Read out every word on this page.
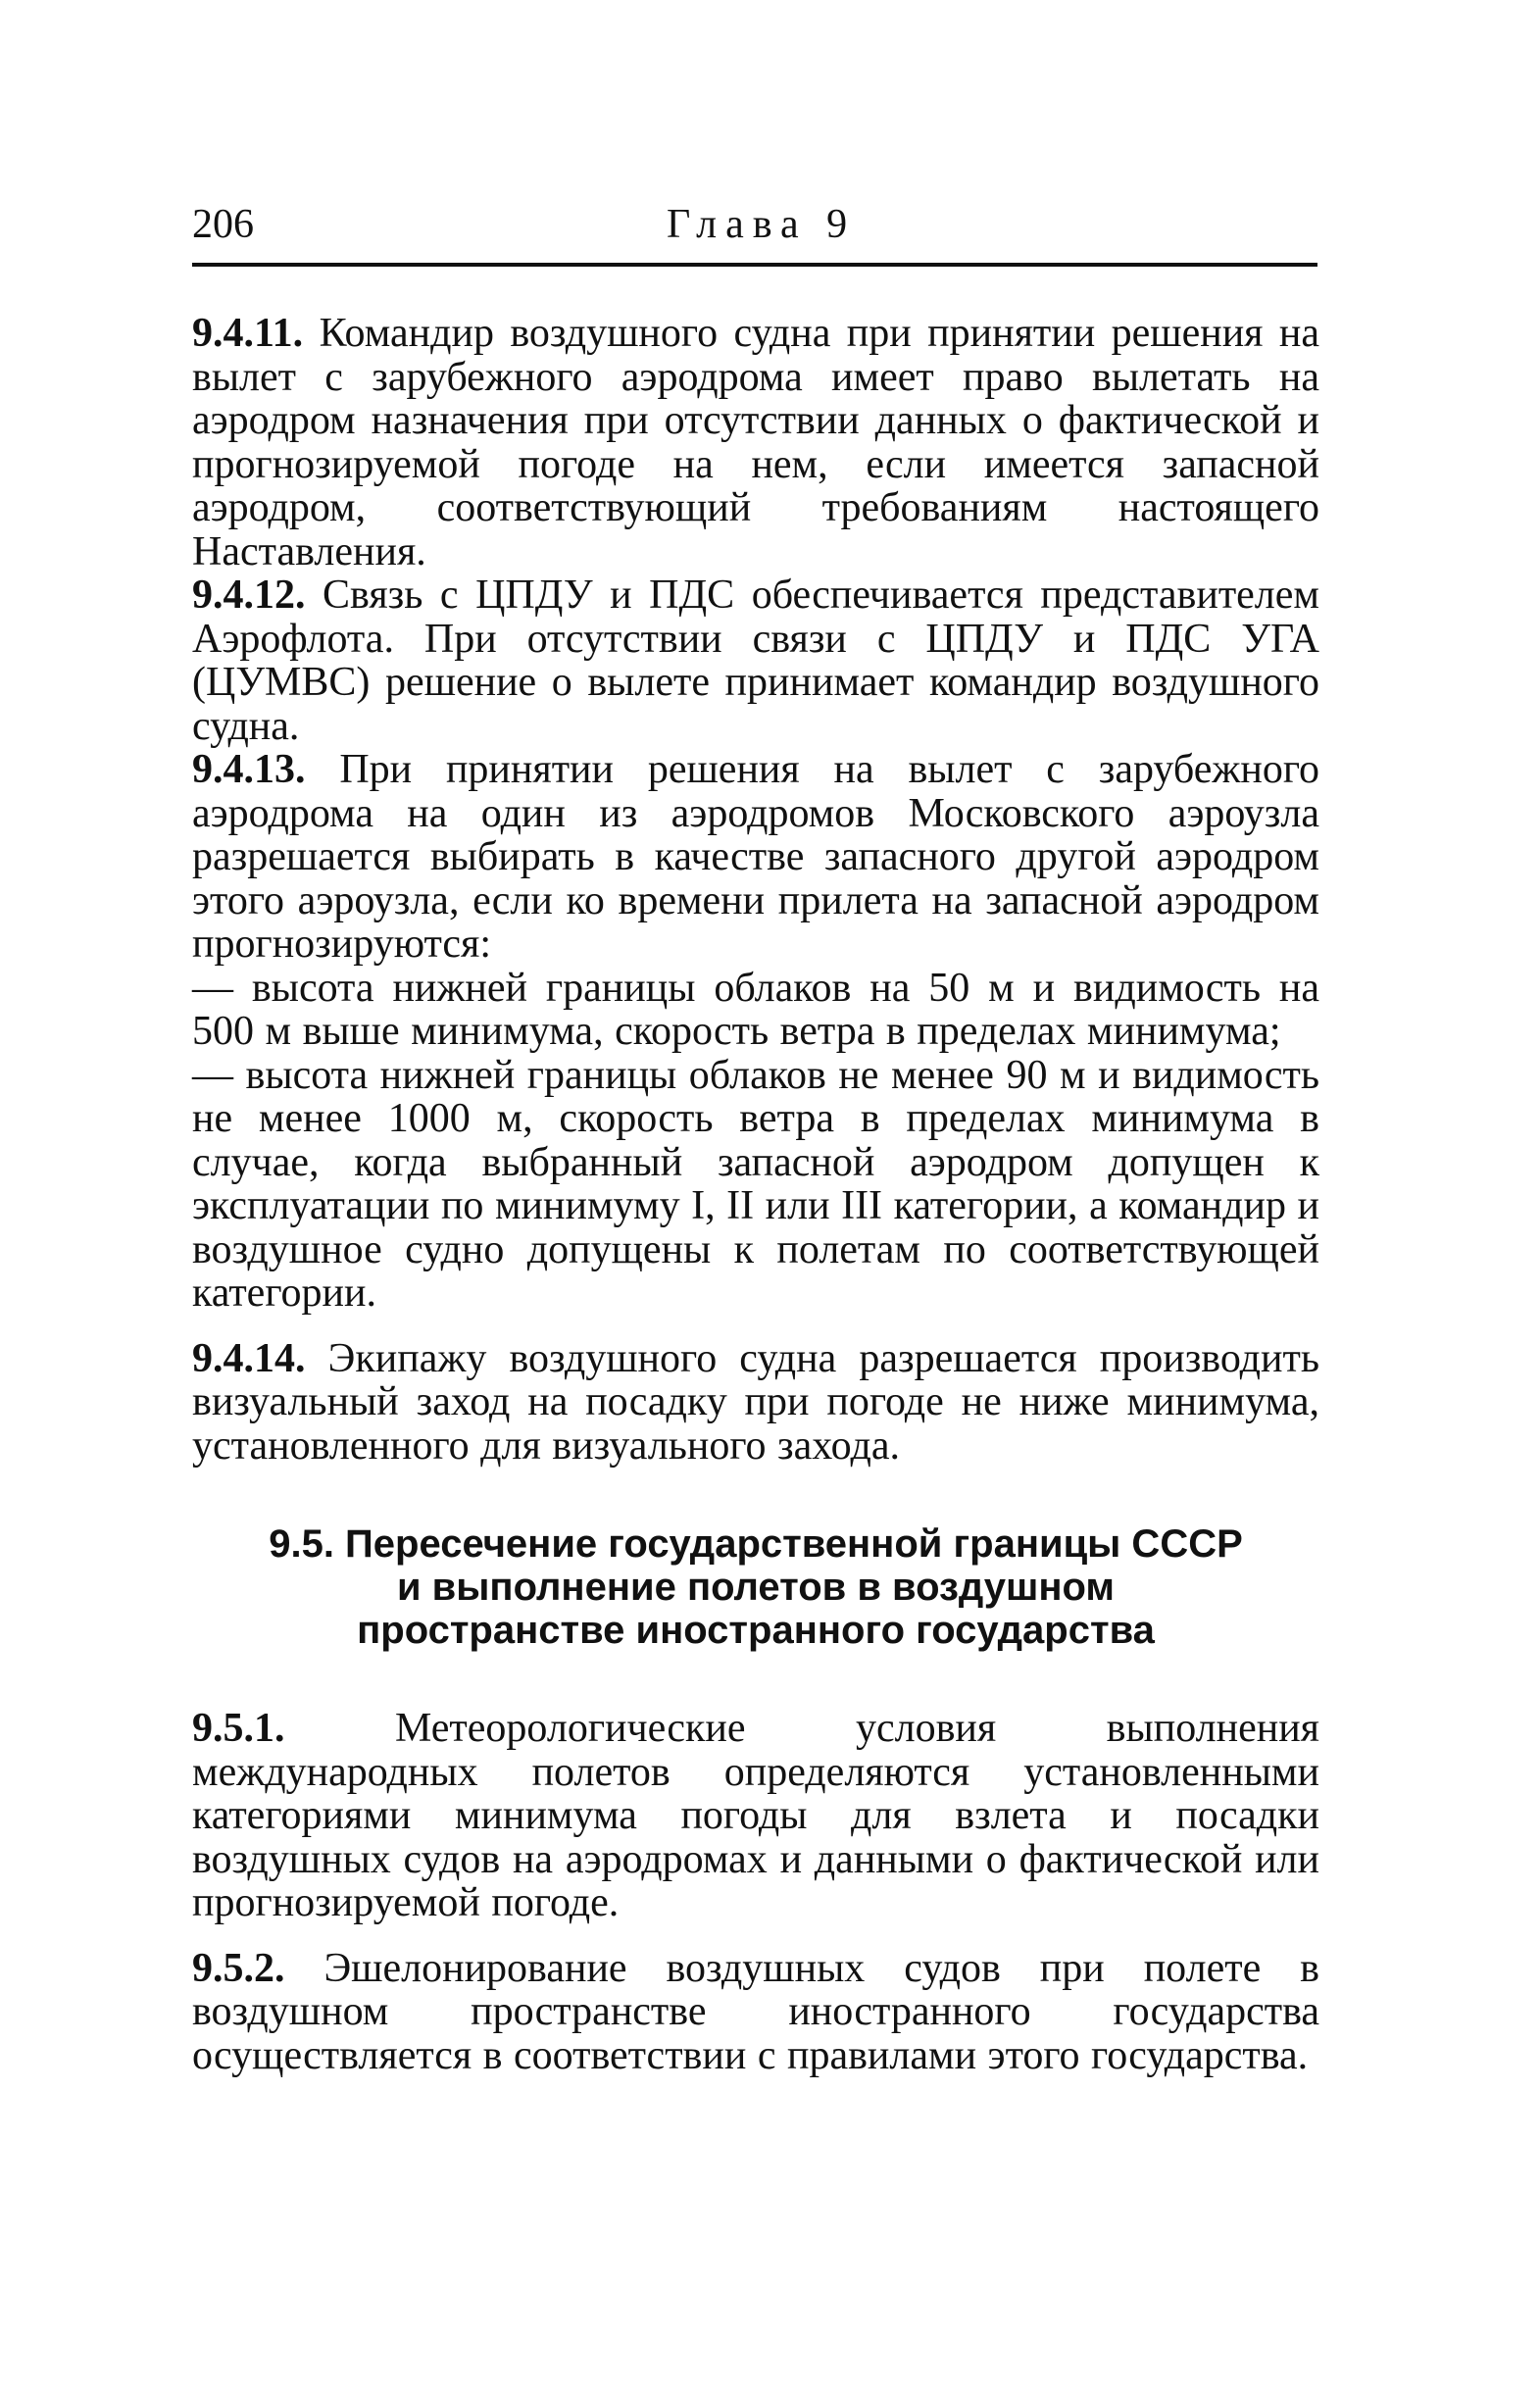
206	Глава 9

9.4.11. Командир воздушного судна при принятии решения на вылет с зарубежного аэродрома имеет право вылетать на аэродром назначения при отсутствии данных о фактической и прогнозируемой погоде на нем, если имеется запасной аэродром, соответствующий требованиям настоящего Наставления.

9.4.12. Связь с ЦПДУ и ПДС обеспечивается представителем Аэрофлота. При отсутствии связи с ЦПДУ и ПДС УГА (ЦУМВС) решение о вылете принимает командир воздушного судна.

9.4.13. При принятии решения на вылет с зарубежного аэродрома на один из аэродромов Московского аэроузла разрешается выбирать в качестве запасного другой аэродром этого аэроузла, если ко времени прилета на запасной аэродром прогнозируются:

— высота нижней границы облаков на 50 м и видимость на 500 м выше минимума, скорость ветра в пределах минимума;

— высота нижней границы облаков не менее 90 м и видимость не менее 1000 м, скорость ветра в пределах минимума в случае, когда выбранный запасной аэродром допущен к эксплуатации по минимуму I, II или III категории, а командир и воздушное судно допущены к полетам по соответствующей категории.

9.4.14. Экипажу воздушного судна разрешается производить визуальный заход на посадку при погоде не ниже минимума, установленного для визуального захода.

9.5. Пересечение государственной границы СССР
и выполнение полетов в воздушном
пространстве иностранного государства

9.5.1.	Метеорологические условия выполнения международных полетов определяются установленными категориями минимума погоды для взлета и посадки воздушных судов на аэродромах и данными о фактической или прогнозируемой погоде.

9.5.2. Эшелонирование воздушных судов при полете в воздушном пространстве иностранного государства осуществляется в соответствии с правилами этого государства.
